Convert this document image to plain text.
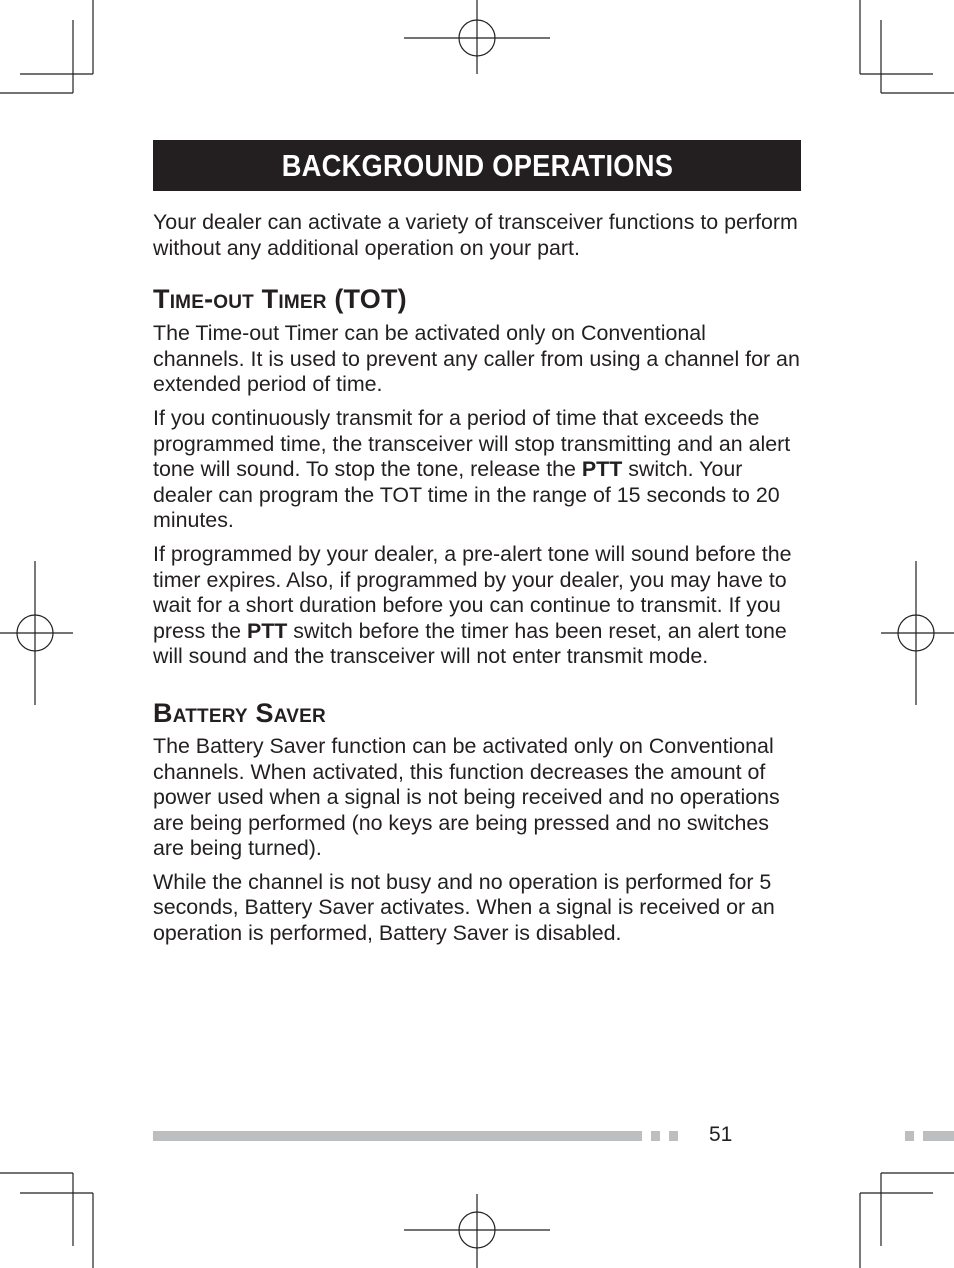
BACKGROUND OPERATIONS

Your dealer can activate a variety of transceiver functions to perform without any additional operation on your part.

Time-out Timer (TOT)

The Time-out Timer can be activated only on Conventional channels. It is used to prevent any caller from using a channel for an extended period of time.

If you continuously transmit for a period of time that exceeds the programmed time, the transceiver will stop transmitting and an alert tone will sound. To stop the tone, release the PTT switch. Your dealer can program the TOT time in the range of 15 seconds to 20 minutes.

If programmed by your dealer, a pre-alert tone will sound before the timer expires. Also, if programmed by your dealer, you may have to wait for a short duration before you can continue to transmit. If you press the PTT switch before the timer has been reset, an alert tone will sound and the transceiver will not enter transmit mode.

Battery Saver

The Battery Saver function can be activated only on Conventional channels. When activated, this function decreases the amount of power used when a signal is not being received and no operations are being performed (no keys are being pressed and no switches are being turned).

While the channel is not busy and no operation is performed for 5 seconds, Battery Saver activates. When a signal is received or an operation is performed, Battery Saver is disabled.

51
